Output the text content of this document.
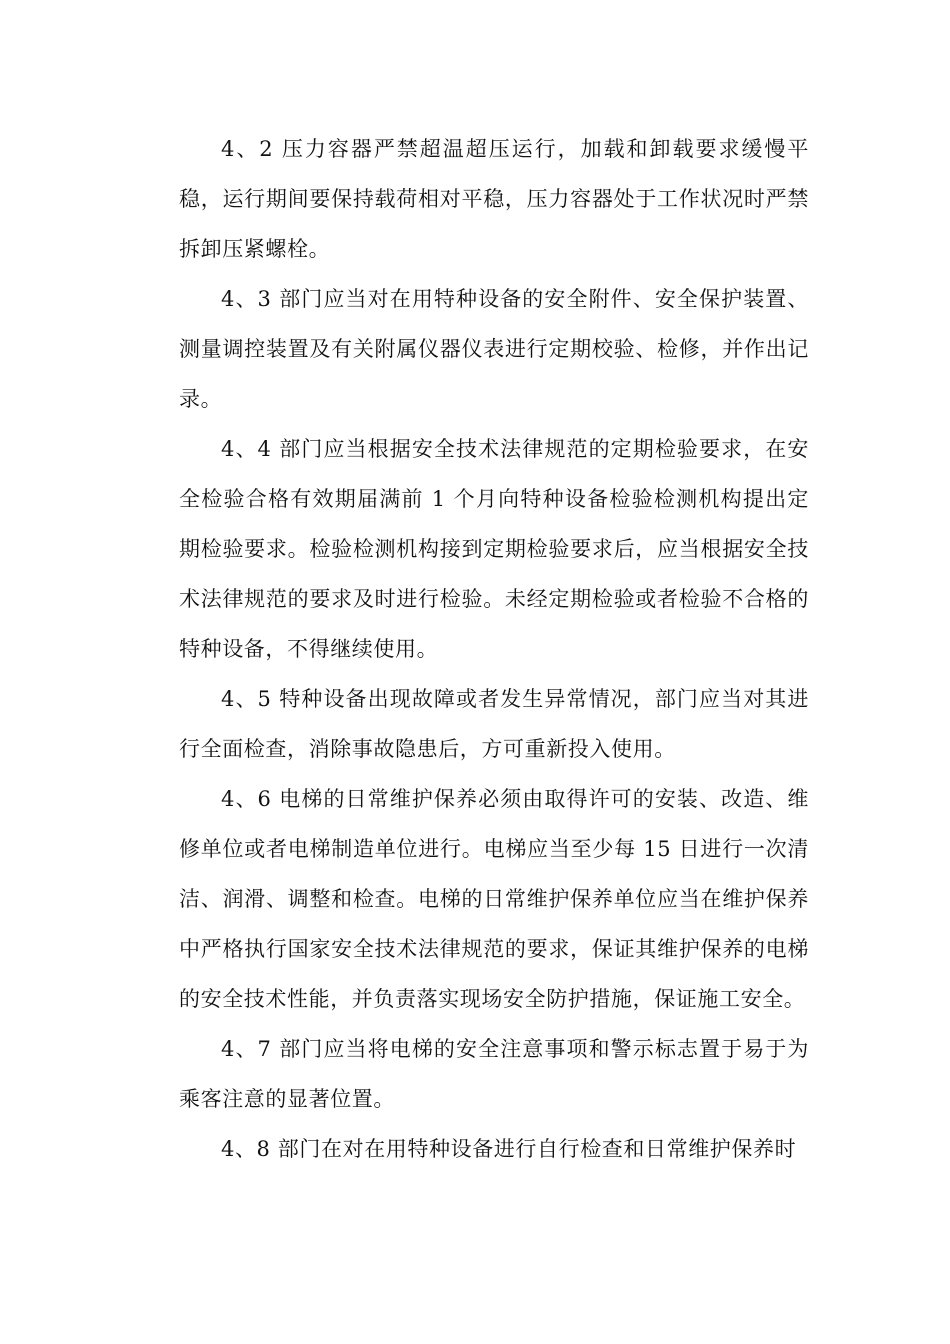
4、2 压力容器严禁超温超压运行，加载和卸载要求缓慢平稳，运行期间要保持载荷相对平稳，压力容器处于工作状况时严禁拆卸压紧螺栓。

4、3 部门应当对在用特种设备的安全附件、安全保护装置、测量调控装置及有关附属仪器仪表进行定期校验、检修，并作出记录。

4、4 部门应当根据安全技术法律规范的定期检验要求，在安全检验合格有效期届满前 1 个月向特种设备检验检测机构提出定期检验要求。检验检测机构接到定期检验要求后，应当根据安全技术法律规范的要求及时进行检验。未经定期检验或者检验不合格的特种设备，不得继续使用。

4、5 特种设备出现故障或者发生异常情况，部门应当对其进行全面检查，消除事故隐患后，方可重新投入使用。

4、6 电梯的日常维护保养必须由取得许可的安装、改造、维修单位或者电梯制造单位进行。电梯应当至少每 15 日进行一次清洁、润滑、调整和检查。电梯的日常维护保养单位应当在维护保养中严格执行国家安全技术法律规范的要求，保证其维护保养的电梯的安全技术性能，并负责落实现场安全防护措施，保证施工安全。

4、7 部门应当将电梯的安全注意事项和警示标志置于易于为乘客注意的显著位置。

4、8 部门在对在用特种设备进行自行检查和日常维护保养时
